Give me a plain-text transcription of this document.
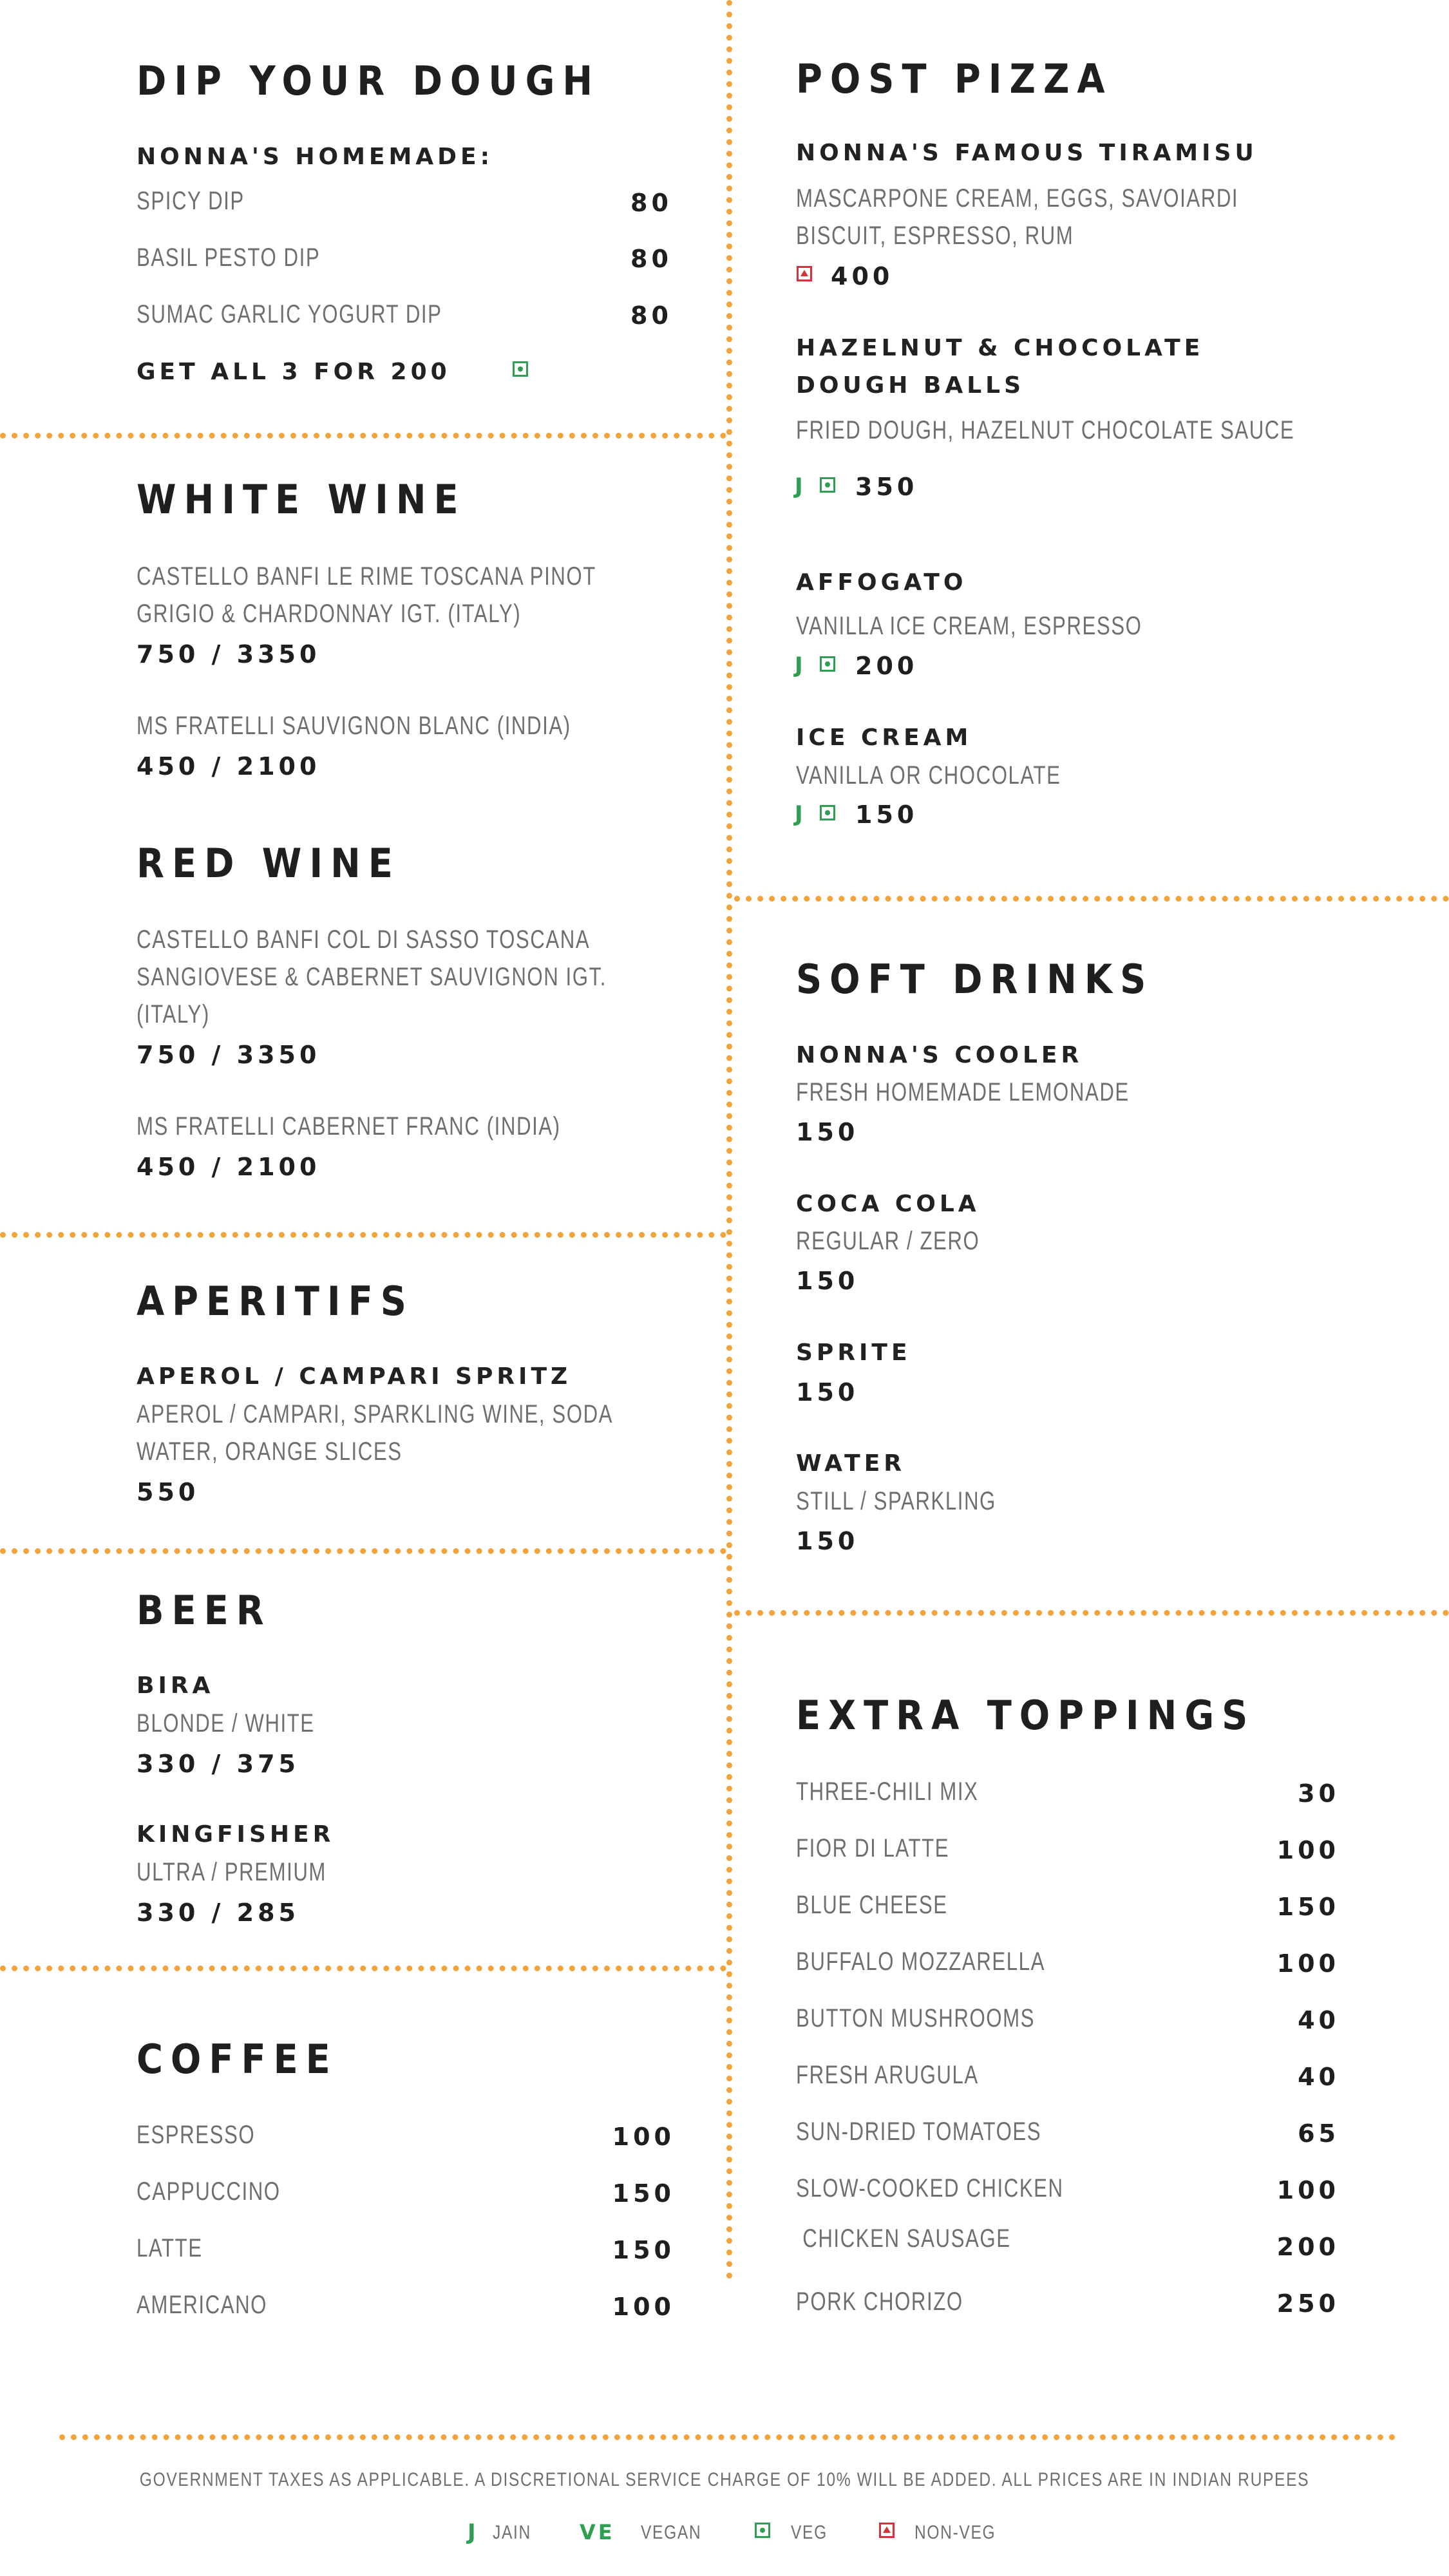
DIP YOUR DOUGH
NONNA'S HOMEMADE:
SPICY DIP	80
BASIL PESTO DIP	80
SUMAC GARLIC YOGURT DIP	80
GET ALL 3 FOR 200
WHITE WINE
CASTELLO BANFI LE RIME TOSCANA PINOT
GRIGIO & CHARDONNAY IGT. (ITALY)
750 / 3350
MS FRATELLI SAUVIGNON BLANC (INDIA)
450 / 2100
RED WINE
CASTELLO BANFI COL DI SASSO TOSCANA
SANGIOVESE & CABERNET SAUVIGNON IGT.
(ITALY)
750 / 3350
MS FRATELLI CABERNET FRANC (INDIA)
450 / 2100
APERITIFS
APEROL / CAMPARI SPRITZ
APEROL / CAMPARI, SPARKLING WINE, SODA
WATER, ORANGE SLICES
550
BEER
BIRA
BLONDE / WHITE
330 / 375
KINGFISHER
ULTRA / PREMIUM
330 / 285
COFFEE
ESPRESSO	100
CAPPUCCINO	150
LATTE	150
AMERICANO	100
POST PIZZA
NONNA'S FAMOUS TIRAMISU
MASCARPONE CREAM, EGGS, SAVOIARDI
BISCUIT, ESPRESSO, RUM
400
HAZELNUT & CHOCOLATE
DOUGH BALLS
FRIED DOUGH, HAZELNUT CHOCOLATE SAUCE
J 350
AFFOGATO
VANILLA ICE CREAM, ESPRESSO
J 200
ICE CREAM
VANILLA OR CHOCOLATE
J 150
SOFT DRINKS
NONNA'S COOLER
FRESH HOMEMADE LEMONADE
150
COCA COLA
REGULAR / ZERO
150
SPRITE
150
WATER
STILL / SPARKLING
150
EXTRA TOPPINGS
THREE-CHILI MIX	30
FIOR DI LATTE	100
BLUE CHEESE	150
BUFFALO MOZZARELLA	100
BUTTON MUSHROOMS	40
FRESH ARUGULA	40
SUN-DRIED TOMATOES	65
SLOW-COOKED CHICKEN	100
CHICKEN SAUSAGE	200
PORK CHORIZO	250
GOVERNMENT TAXES AS APPLICABLE. A DISCRETIONAL SERVICE CHARGE OF 10% WILL BE ADDED. ALL PRICES ARE IN INDIAN RUPEES
J JAIN VE VEGAN	VEG	NON-VEG
